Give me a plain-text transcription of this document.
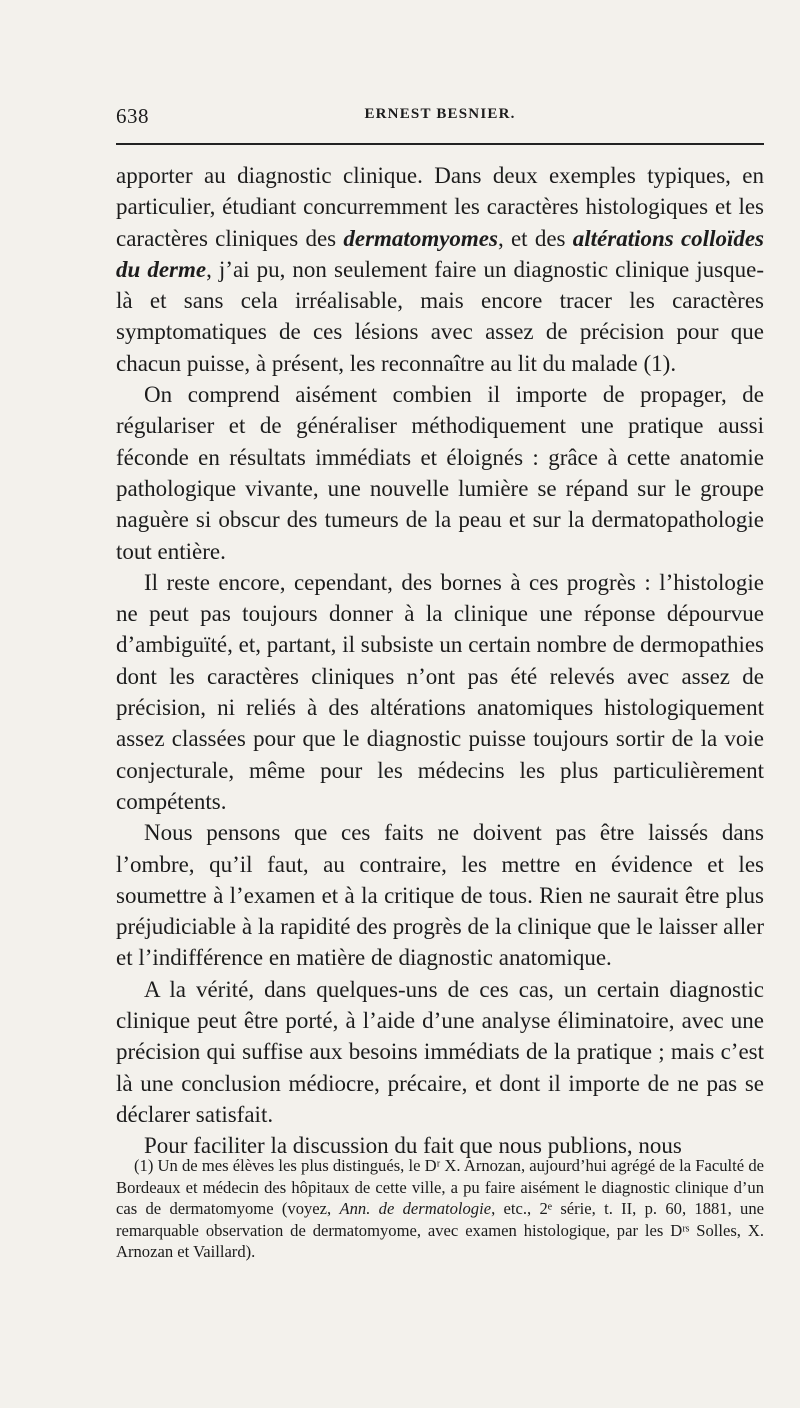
638	ERNEST BESNIER.

apporter au diagnostic clinique. Dans deux exemples typiques, en particulier, étudiant concurremment les caractères histologiques et les caractères cliniques des dermatomyomes, et des altérations colloïdes du derme, j’ai pu, non seulement faire un diagnostic clinique jusque-là et sans cela irréalisable, mais encore tracer les caractères symptomatiques de ces lésions avec assez de précision pour que chacun puisse, à présent, les reconnaître au lit du malade (1).

On comprend aisément combien il importe de propager, de régulariser et de généraliser méthodiquement une pratique aussi féconde en résultats immédiats et éloignés : grâce à cette anatomie pathologique vivante, une nouvelle lumière se répand sur le groupe naguère si obscur des tumeurs de la peau et sur la dermatopathologie tout entière.

Il reste encore, cependant, des bornes à ces progrès : l’histologie ne peut pas toujours donner à la clinique une réponse dépourvue d’ambiguïté, et, partant, il subsiste un certain nombre de dermopathies dont les caractères cliniques n’ont pas été relevés avec assez de précision, ni reliés à des altérations anatomiques histologiquement assez classées pour que le diagnostic puisse toujours sortir de la voie conjecturale, même pour les médecins les plus particulièrement compétents.

Nous pensons que ces faits ne doivent pas être laissés dans l’ombre, qu’il faut, au contraire, les mettre en évidence et les soumettre à l’examen et à la critique de tous. Rien ne saurait être plus préjudiciable à la rapidité des progrès de la clinique que le laisser aller et l’indifférence en matière de diagnostic anatomique.

A la vérité, dans quelques-uns de ces cas, un certain diagnostic clinique peut être porté, à l’aide d’une analyse éliminatoire, avec une précision qui suffise aux besoins immédiats de la pratique ; mais c’est là une conclusion médiocre, précaire, et dont il importe de ne pas se déclarer satisfait.

Pour faciliter la discussion du fait que nous publions, nous

(1) Un de mes élèves les plus distingués, le Dʳ X. Arnozan, aujourd’hui agrégé de la Faculté de Bordeaux et médecin des hôpitaux de cette ville, a pu faire aisément le diagnostic clinique d’un cas de dermatomyome (voyez, Ann. de dermatologie, etc., 2ᵉ série, t. II, p. 60, 1881, une remarquable observation de dermatomyome, avec examen histologique, par les Dʳˢ Solles, X. Arnozan et Vaillard).
